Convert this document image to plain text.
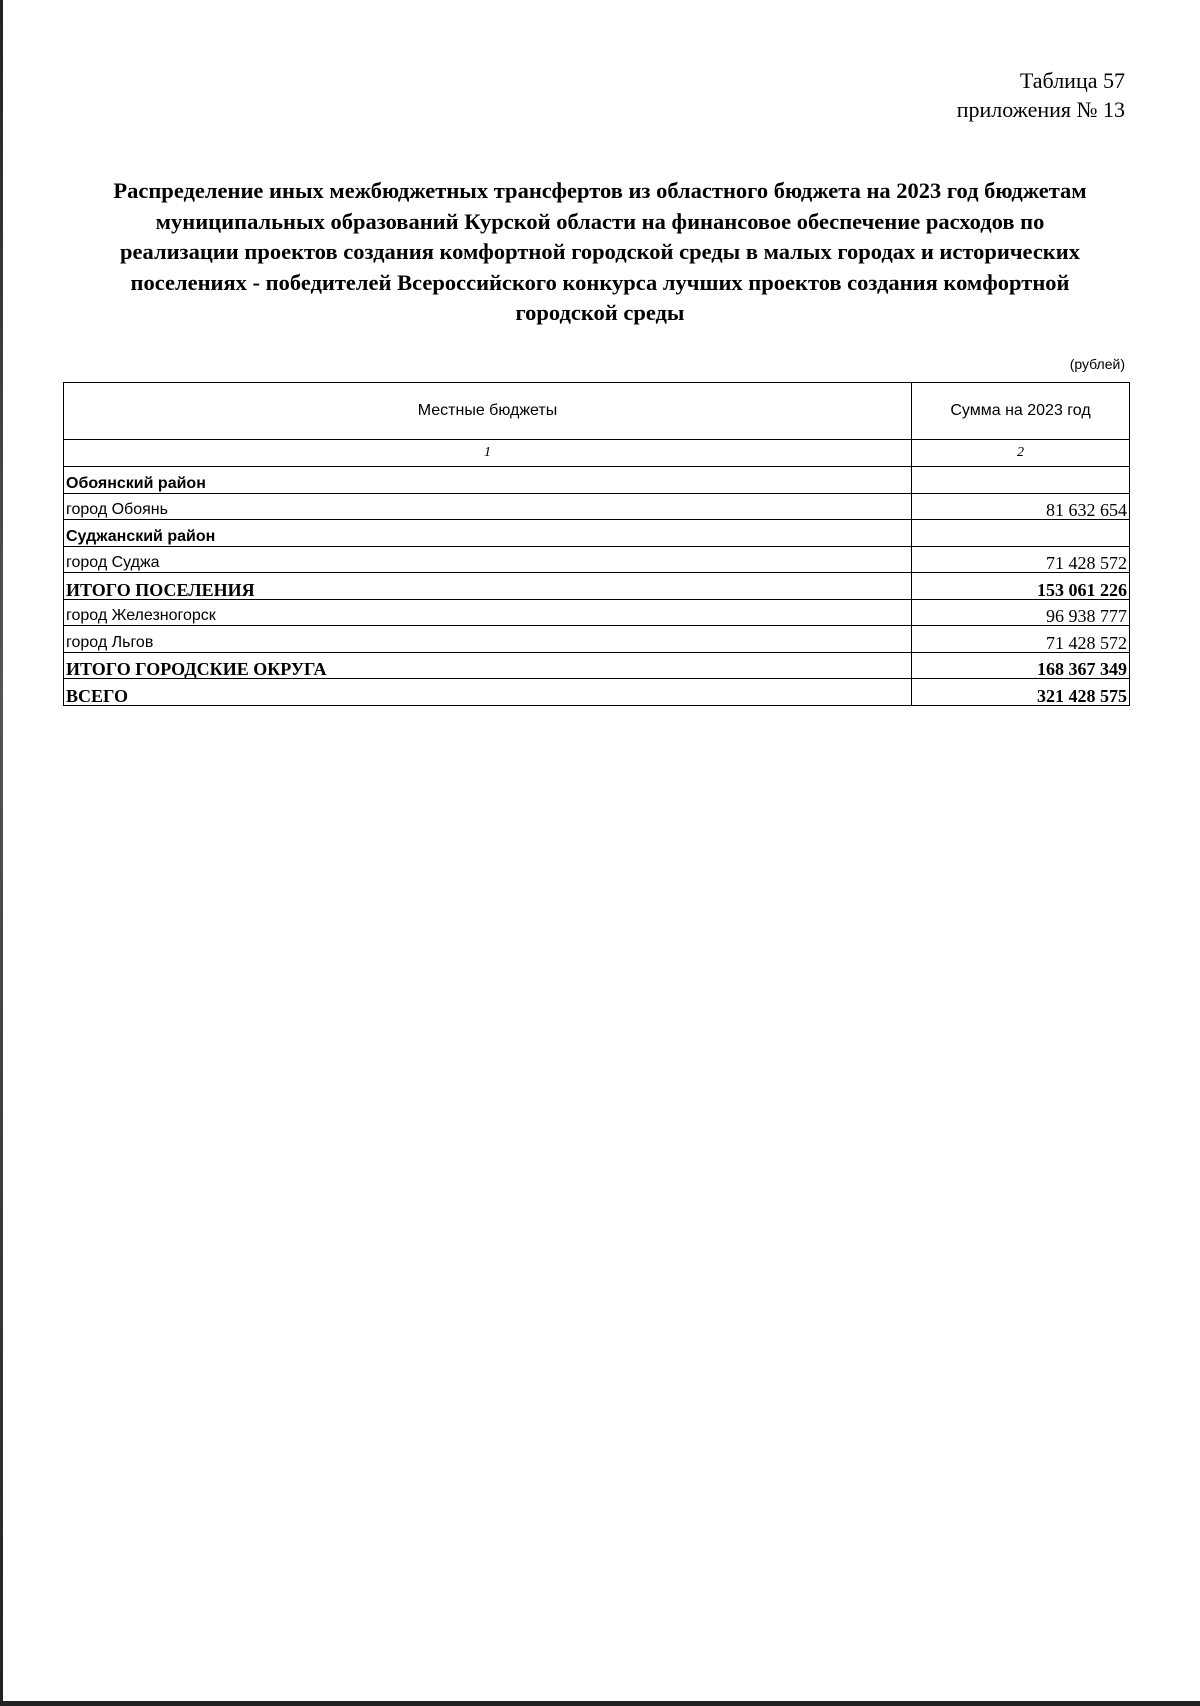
Таблица 57
приложения № 13
Распределение иных межбюджетных трансфертов из областного бюджета на 2023 год бюджетам
муниципальных образований Курской области на финансовое обеспечение расходов по
реализации проектов создания комфортной городской среды в малых городах и исторических
поселениях - победителей Всероссийского конкурса лучших проектов создания комфортной
городской среды
(рублей)
Местные бюджеты	Сумма на 2023 год
1	2
Обоянский район	
город Обоянь	81 632 654
Суджанский район	
город Суджа	71 428 572
ИТОГО ПОСЕЛЕНИЯ	153 061 226
город Железногорск	96 938 777
город Льгов	71 428 572
ИТОГО ГОРОДСКИЕ ОКРУГА	168 367 349
ВСЕГО	321 428 575
